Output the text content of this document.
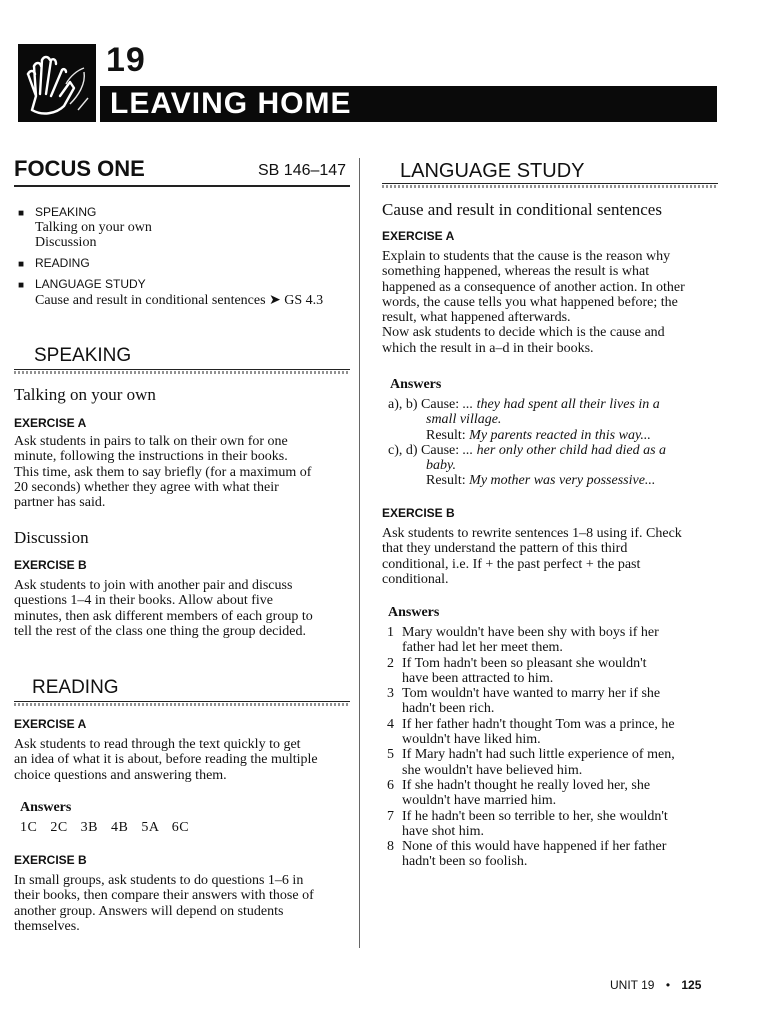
19
LEAVING HOME
FOCUS ONE	SB 146–147
■ SPEAKING
Talking on your own
Discussion
■ READING
■ LANGUAGE STUDY
Cause and result in conditional sentences ➤ GS 4.3
SPEAKING
Talking on your own
EXERCISE A
Ask students in pairs to talk on their own for one
minute, following the instructions in their books.
This time, ask them to say briefly (for a maximum of
20 seconds) whether they agree with what their
partner has said.
Discussion
EXERCISE B
Ask students to join with another pair and discuss
questions 1–4 in their books. Allow about five
minutes, then ask different members of each group to
tell the rest of the class one thing the group decided.
READING
EXERCISE A
Ask students to read through the text quickly to get
an idea of what it is about, before reading the multiple
choice questions and answering them.
Answers
1C 2C 3B 4B 5A 6C
EXERCISE B
In small groups, ask students to do questions 1–6 in
their books, then compare their answers with those of
another group. Answers will depend on students
themselves.
LANGUAGE STUDY
Cause and result in conditional sentences
EXERCISE A
Explain to students that the cause is the reason why
something happened, whereas the result is what
happened as a consequence of another action. In other
words, the cause tells you what happened before; the
result, what happened afterwards.
Now ask students to decide which is the cause and
which the result in a–d in their books.
Answers
a), b) Cause: ... they had spent all their lives in a
small village.
Result: My parents reacted in this way...
c), d) Cause: ... her only other child had died as a
baby.
Result: My mother was very possessive...
EXERCISE B
Ask students to rewrite sentences 1–8 using if. Check
that they understand the pattern of this third
conditional, i.e. If + the past perfect + the past
conditional.
Answers
1 Mary wouldn't have been shy with boys if her
father had let her meet them.
2 If Tom hadn't been so pleasant she wouldn't
have been attracted to him.
3 Tom wouldn't have wanted to marry her if she
hadn't been rich.
4 If her father hadn't thought Tom was a prince, he
wouldn't have liked him.
5 If Mary hadn't had such little experience of men,
she wouldn't have believed him.
6 If she hadn't thought he really loved her, she
wouldn't have married him.
7 If he hadn't been so terrible to her, she wouldn't
have shot him.
8 None of this would have happened if her father
hadn't been so foolish.
UNIT 19 • 125
